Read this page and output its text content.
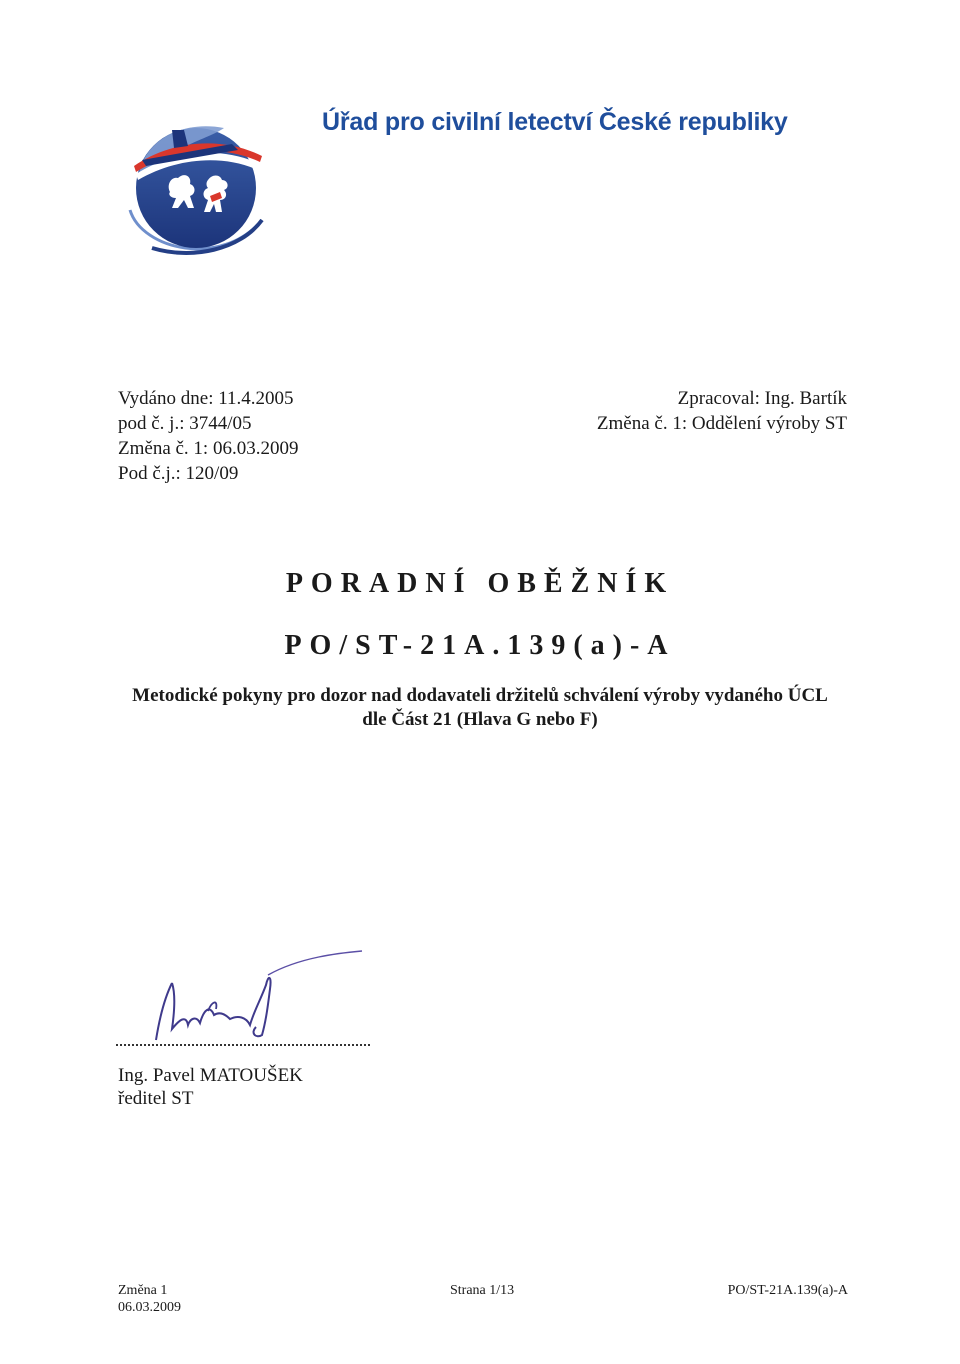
Úřad pro civilní letectví České republiky
Vydáno dne: 11.4.2005
pod č. j.: 3744/05
Změna č. 1: 06.03.2009
Pod č.j.: 120/09
Zpracoval: Ing. Bartík
Změna č. 1: Oddělení výroby ST
PORADNÍ OBĚŽNÍK
PO/ST-21A.139(a)-A
Metodické pokyny pro dozor nad dodavateli držitelů schválení výroby vydaného ÚCL
dle Část 21 (Hlava G nebo F)
Ing. Pavel MATOUŠEK
ředitel ST
Změna 1
06.03.2009
Strana 1/13	PO/ST-21A.139(a)-A
